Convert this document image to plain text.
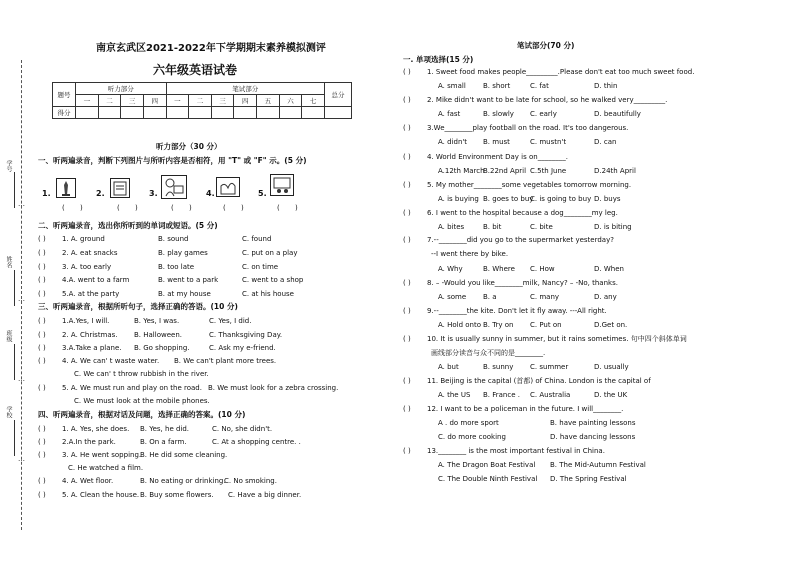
学号
…
姓名
…
班级
…
学校
…
南京玄武区2021-2022年下学期期末素养模拟测评
六年级英语试卷
题号	听力部分				笔试部分							总分
	一	二	三	四	一	二	三	四	五	六	七	
得分												
听力部分（30 分）
一、听两遍录音，判断下列图片与所听内容是否相符，用 "T" 或 "F" 示。(5 分)
1.	2.	3.	4.	5.
( )	( )	( )	( )	( )
二、听两遍录音，选出你所听到的单词或短语。(5 分)
( ) 1. A. ground	B. sound	C. found
( ) 2. A. eat snacks	B. play games	C. put on a play
( ) 3. A. too early	B. too late	C. on time
( ) 4.A. went to a farm	B. went to a park	C. went to a shop
( ) 5.A. at the party	B. at my house	C. at his house
三、听两遍录音，根据所听句子，选择正确的答语。(10 分)
( ) 1.A.Yes, I will.	B. Yes, I was.	C. Yes, I did.
( ) 2. A. Christmas. B. Halloween.	C. Thanksgiving Day.
( ) 3.A.Take a plane. B. Go shopping.	C. Ask my e-friend.
( ) 4. A. We can' t waste water. B. We can't plant more trees.
C. We can' t throw rubbish in the river.
( ) 5. A. We must run and play on the road. B. We must look for a zebra crossing.
C. We must look at the mobile phones.
四、听两遍录音，根据对话及问题，选择正确的答案。(10 分)
( ) 1. A. Yes, she does. B. Yes, he did.	C. No, she didn't.
( ) 2.A.In the park.	B. On a farm.	C. At a shopping centre. .
( ) 3. A. He went sopping.
B. He did some cleaning.
C. He watched a film.
( ) 4. A. Wet floor.	B. No eating or drinking.
C. No smoking.
( ) 5. A. Clean the house. B. Buy some flowers. C. Have a big dinner.
笔试部分(70 分)
一. 单项选择(15 分)
( ) 1. Sweet food makes people_________.Please don't eat too much sweet food.
A. small B. short	C. fat	D. thin
( ) 2. Mike didn't want to be late for school, so he walked very_________.
A. fast	B. slowly C. early	D. beautifully
( ) 3.We________play football on the road. It's too dangerous.
A. didn't B. must	C. mustn't	D. can
( ) 4. World Environment Day is on________.
A.12th March
B.22nd April C.5th June	D.24th April
( ) 5. My mother________some vegetables tomorrow morning.
A. is buying B. goes to buy
C. is going to buy D. buys
( ) 6. I went to the hospital because a dog________my leg.
A. bites	B. bit	C. bite	D. is biting
( ) 7.--________did you go to the supermarket yesterday?
--I went there by bike.
A. Why	B. Where C. How	D. When
( ) 8. – -Would you like________milk, Nancy? – -No, thanks.
A. some B. a	C. many	D. any
( ) 9.--________the kite. Don't let it fly away. ---All right.
A. Hold onto B. Try on C. Put on	D.Get on.
( ) 10. It is usually sunny in summer, but it rains sometimes. 句中四个斜体单词
画线部分读音与众不同的是________.
A. but	B. sunny C. summer	D. usually
( ) 11. Beijing is the capital (首都) of China. London is the capital of
A. the US B. France . C. Australia	D. the UK
( ) 12. I want to be a policeman in the future. I will________.
A . do more sport	B. have painting lessons
C. do more cooking	D. have dancing lessons
( ) 13.________ is the most important festival in China.
A. The Dragon Boat Festival B. The Mid-Autumn Festival
C. The Double Ninth Festival D. The Spring Festival
